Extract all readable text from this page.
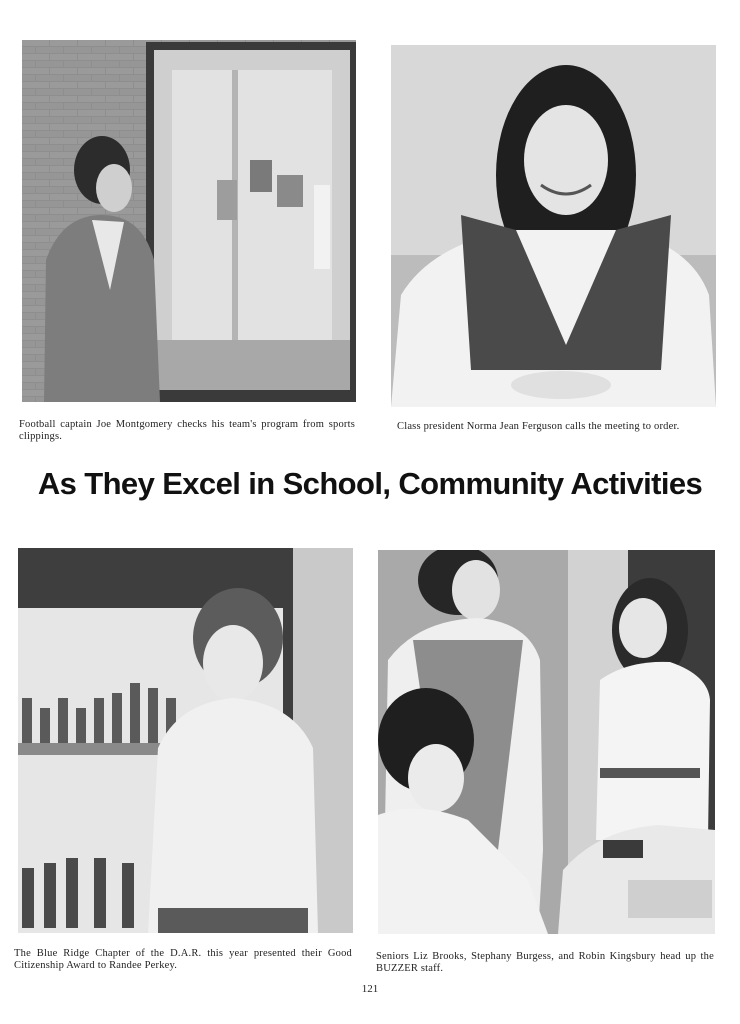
Football captain Joe Montgomery checks his team's program from sports clippings.
Class president Norma Jean Ferguson calls the meeting to order.
As They Excel in School, Community Activities
The Blue Ridge Chapter of the D.A.R. this year presented their Good Citizenship Award to Randee Perkey.
Seniors Liz Brooks, Stephany Burgess, and Robin Kingsbury head up the BUZZER staff.
121
